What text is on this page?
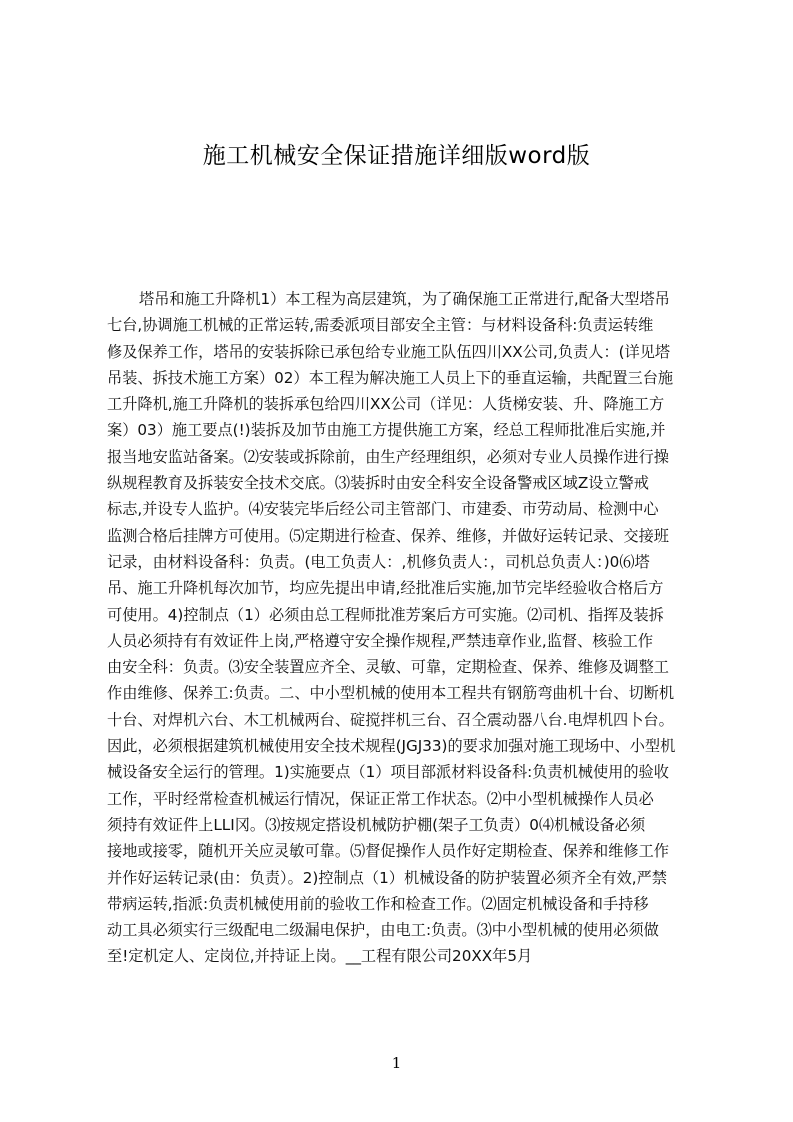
施工机械安全保证措施详细版word版
塔吊和施工升降机1）本工程为高层建筑，为了确保施工正常进行,配备大型塔吊
七台,协调施工机械的正常运转,需委派项目部安全主管：与材料设备科:负责运转维
修及保养工作，塔吊的安装拆除已承包给专业施工队伍四川XX公司,负责人：(详见塔
吊装、拆技术施工方案）02）本工程为解决施工人员上下的垂直运输，共配置三台施
工升降机,施工升降机的装拆承包给四川XX公司（详见：人货梯安装、升、降施工方
案）03）施工要点(!)装拆及加节由施工方提供施工方案，经总工程师批准后实施,并
报当地安监站备案。⑵安装或拆除前，由生产经理组织，必须对专业人员操作进行操
纵规程教育及拆装安全技术交底。⑶装拆时由安全科安全设备警戒区域Z设立警戒
标志,并设专人监护。⑷安装完毕后经公司主管部门、市建委、市劳动局、检测中心
监测合格后挂牌方可使用。⑸定期进行检查、保养、维修，并做好运转记录、交接班
记录，由材料设备科：负责。(电工负责人：,机修负责人：，司机总负责人：)0⑹塔
吊、施工升降机每次加节，均应先提出申请,经批准后实施,加节完毕经验收合格后方
可使用。4)控制点（1）必须由总工程师批准芳案后方可实施。⑵司机、指挥及装拆
人员必须持有有效证件上岗,严格遵守安全操作规程,严禁违章作业,监督、核验工作
由安全科：负责。⑶安全装置应齐全、灵敏、可靠，定期检查、保养、维修及调整工
作由维修、保养工:负责。二、中小型机械的使用本工程共有钢筋弯曲机十台、切断机
十台、对焊机六台、木工机械两台、碇搅拌机三台、召仝震动器八台.电焊机四卜台。
因此，必须根据建筑机械使用安全技术规程(JGJ33)的要求加强对施工现场中、小型机
械设备安全运行的管理。1)实施要点（1）项目部派材料设备科:负责机械使用的验收
工作，平时经常检查机械运行情况，保证正常工作状态。⑵中小型机械操作人员必
须持有效证件上LLI冈。⑶按规定搭设机械防护棚(架子工负责）0⑷机械设备必须
接地或接零，随机开关应灵敏可靠。⑸督促操作人员作好定期检查、保养和维修工作
并作好运转记录(由：负责）。2)控制点（1）机械设备的防护装置必须齐全有效,严禁
带病运转,指派:负责机械使用前的验收工作和检查工作。⑵固定机械设备和手持移
动工具必须实行三级配电二级漏电保护，由电工:负责。⑶中小型机械的使用必须做
至!定机定人、定岗位,并持证上岗。__工程有限公司20XX年5月
1
